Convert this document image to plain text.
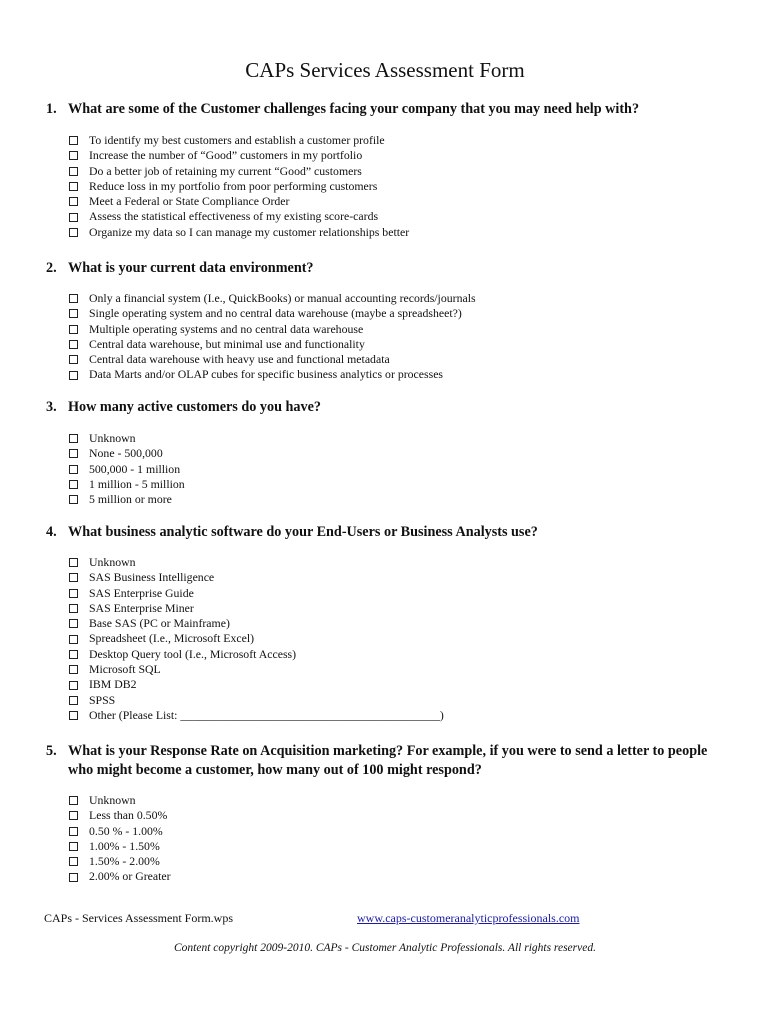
CAPs Services Assessment Form
1. What are some of the Customer challenges facing your company that you may need help with?
To identify my best customers and establish a customer profile
Increase the number of “Good” customers in my portfolio
Do a better job of retaining my current “Good” customers
Reduce loss in my portfolio from poor performing customers
Meet a Federal or State Compliance Order
Assess the statistical effectiveness of my existing score-cards
Organize my data so I can manage my customer relationships better
2. What is your current data environment?
Only a financial system (I.e., QuickBooks) or manual accounting records/journals
Single operating system and no central data warehouse (maybe a spreadsheet?)
Multiple operating systems and no central data warehouse
Central data warehouse, but minimal use and functionality
Central data warehouse with heavy use and functional metadata
Data Marts and/or OLAP cubes for specific business analytics or processes
3. How many active customers do you have?
Unknown
None - 500,000
500,000 - 1 million
1 million - 5 million
5 million or more
4. What business analytic software do your End-Users or Business Analysts use?
Unknown
SAS Business Intelligence
SAS Enterprise Guide
SAS Enterprise Miner
Base SAS (PC or Mainframe)
Spreadsheet (I.e., Microsoft Excel)
Desktop Query tool (I.e., Microsoft Access)
Microsoft SQL
IBM DB2
SPSS
Other (Please List: ____________________________________________)
5. What is your Response Rate on Acquisition marketing? For example, if you were to send a letter to people who might become a customer, how many out of 100 might respond?
Unknown
Less than 0.50%
0.50 % - 1.00%
1.00% - 1.50%
1.50% - 2.00%
2.00% or Greater
CAPs - Services Assessment Form.wps	www.caps-customeranalyticprofessionals.com
Content copyright 2009-2010. CAPs - Customer Analytic Professionals. All rights reserved.
